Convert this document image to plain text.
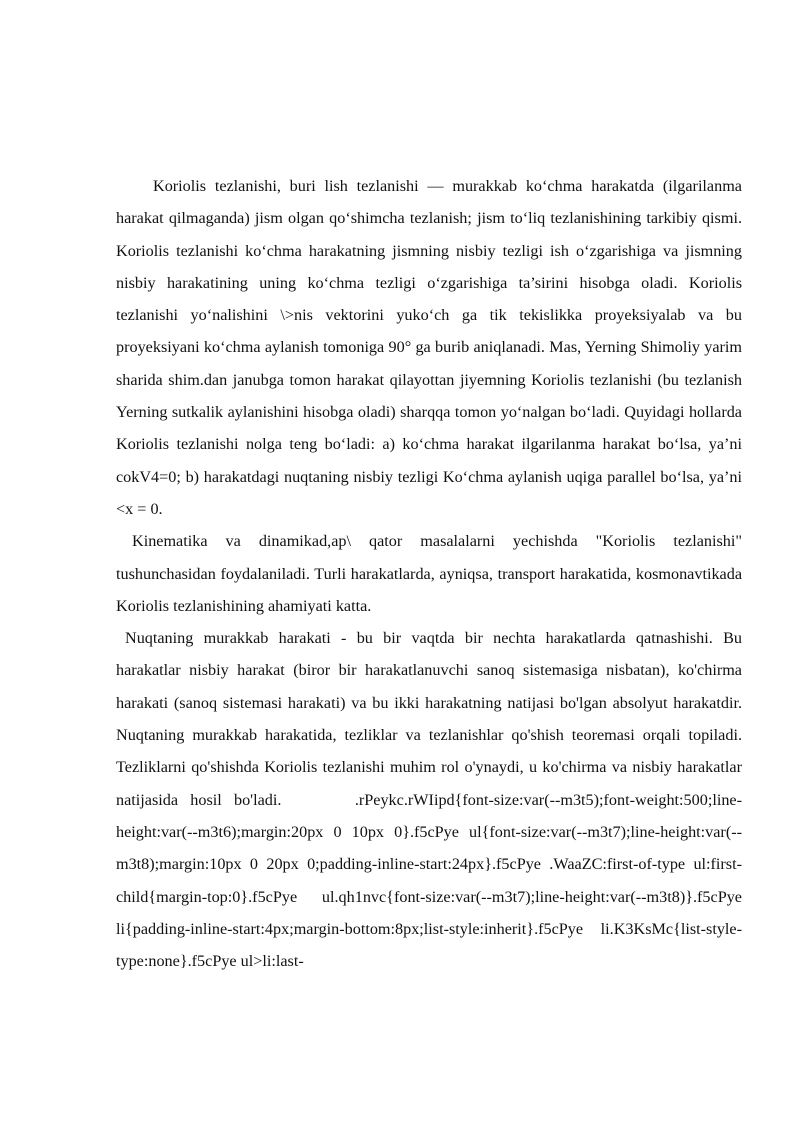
Koriolis tezlanishi, buri lish tezlanishi — murakkab ko‘chma harakatda (ilgarilanma harakat qilmaganda) jism olgan qo‘shimcha tezlanish; jism to‘liq tezlanishining tarkibiy qismi. Koriolis tezlanishi ko‘chma harakatning jismning nisbiy tezligi ish o‘zgarishiga va jismning nisbiy harakatining uning ko‘chma tezligi o‘zgarishiga ta’sirini hisobga oladi. Koriolis tezlanishi yo‘nalishini \>nis vektorini yuko‘ch ga tik tekislikka proyeksiyalab va bu proyeksiyani ko‘chma aylanish tomoniga 90° ga burib aniqlanadi. Mas, Yerning Shimoliy yarim sharida shim.dan janubga tomon harakat qilayottan jiyemning Koriolis tezlanishi (bu tezlanish Yerning sutkalik aylanishini hisobga oladi) sharqqa tomon yo‘nalgan bo‘ladi. Quyidagi hollarda Koriolis tezlanishi nolga teng bo‘ladi: a) ko‘chma harakat ilgarilanma harakat bo‘lsa, ya’ni cokV4=0; b) harakatdagi nuqtaning nisbiy tezligi Ko‘chma aylanish uqiga parallel bo‘lsa, ya’ni <x = 0.

Kinematika va dinamikad,ap\ qator masalalarni yechishda "Koriolis tezlanishi" tushunchasidan foydalaniladi. Turli harakatlarda, ayniqsa, transport harakatida, kosmonavtikada Koriolis tezlanishining ahamiyati katta.

Nuqtaning murakkab harakati - bu bir vaqtda bir nechta harakatlarda qatnashishi. Bu harakatlar nisbiy harakat (biror bir harakatlanuvchi sanoq sistemasiga nisbatan), ko'chirma harakati (sanoq sistemasi harakati) va bu ikki harakatning natijasi bo'lgan absolyut harakatdir. Nuqtaning murakkab harakatida, tezliklar va tezlanishlar qo'shish teoremasi orqali topiladi. Tezliklarni qo'shishda Koriolis tezlanishi muhim rol o'ynaydi, u ko'chirma va nisbiy harakatlar natijasida hosil bo'ladi.      .rPeykc.rWIipd{font-size:var(--m3t5);font-weight:500;line-height:var(--m3t6);margin:20px 0 10px 0}.f5cPye ul{font-size:var(--m3t7);line-height:var(--m3t8);margin:10px 0 20px 0;padding-inline-start:24px}.f5cPye .WaaZC:first-of-type ul:first-child{margin-top:0}.f5cPye ul.qh1nvc{font-size:var(--m3t7);line-height:var(--m3t8)}.f5cPye li{padding-inline-start:4px;margin-bottom:8px;list-style:inherit}.f5cPye li.K3KsMc{list-style-type:none}.f5cPye ul>li:last-
